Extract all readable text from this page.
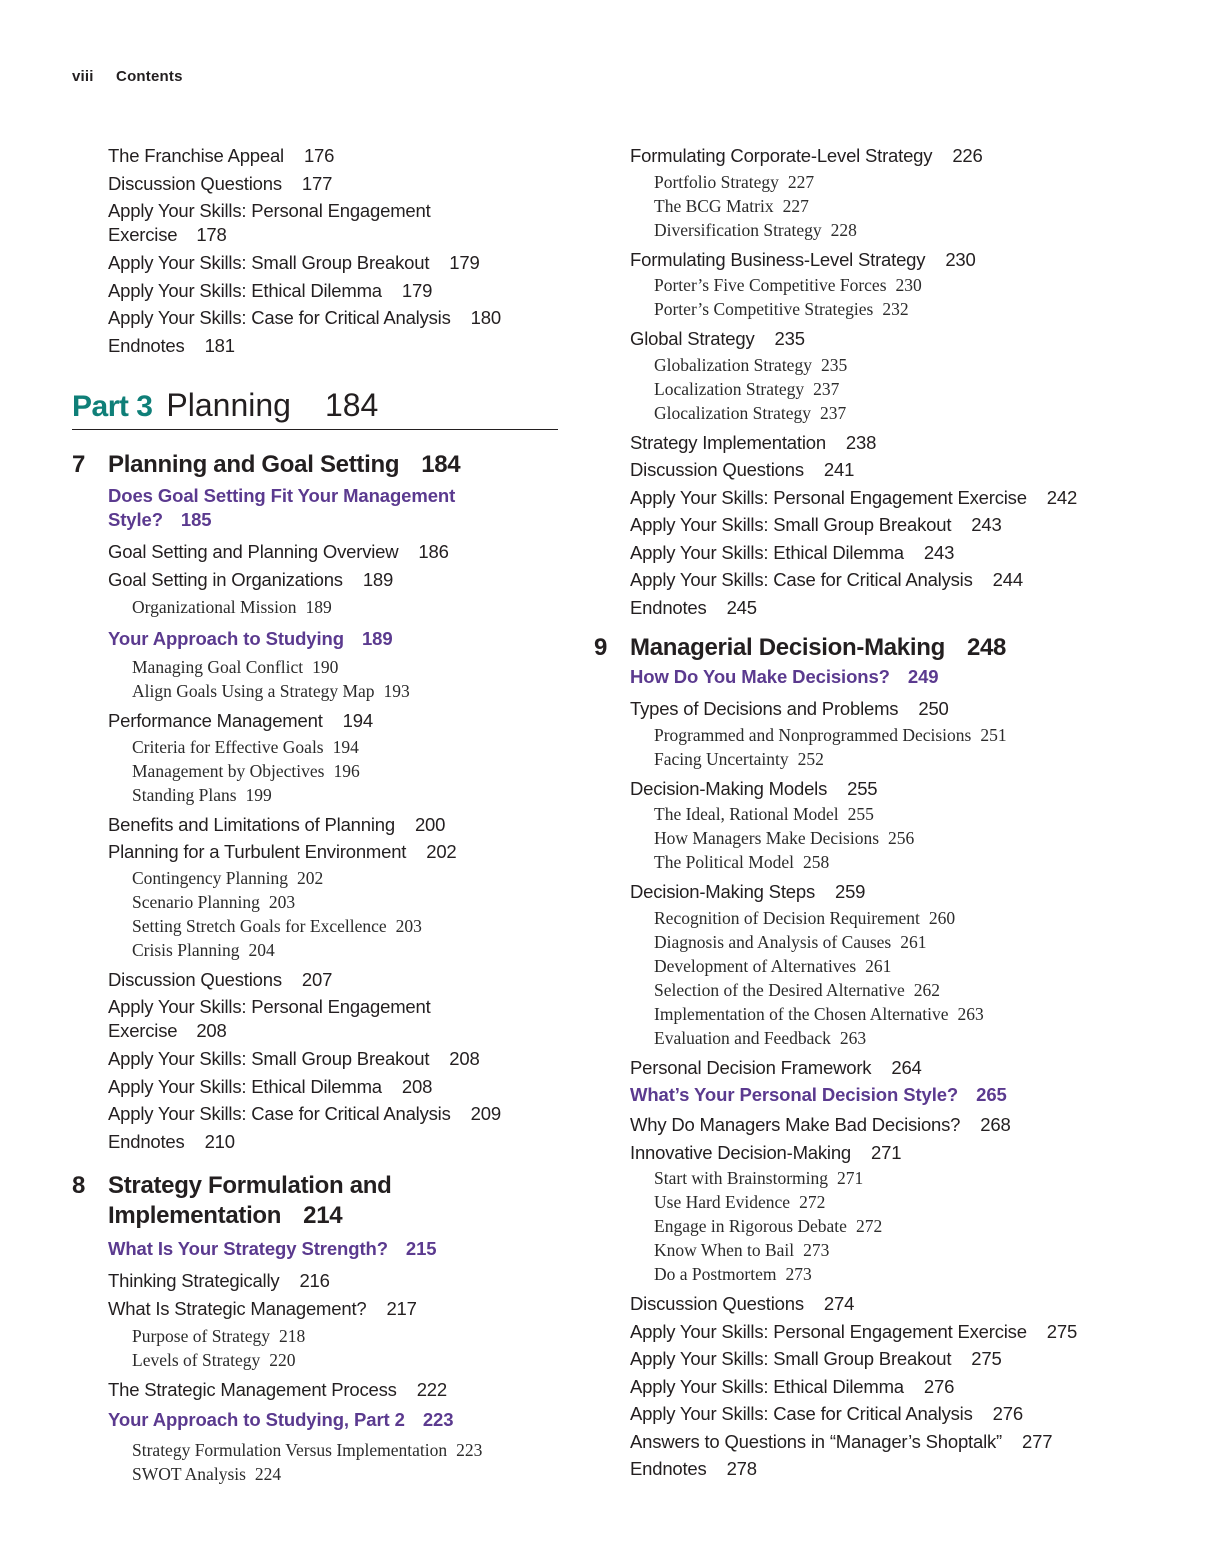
viii Contents
The Franchise Appeal 176
Discussion Questions 177
Apply Your Skills: Personal Engagement
Exercise 178
Apply Your Skills: Small Group Breakout 179
Apply Your Skills: Ethical Dilemma 179
Apply Your Skills: Case for Critical Analysis 180
Endnotes 181
Part 3 Planning 184
7 Planning and Goal Setting 184
Does Goal Setting Fit Your Management
Style? 185
Goal Setting and Planning Overview 186
Goal Setting in Organizations 189
Organizational Mission 189
Your Approach to Studying 189
Managing Goal Conflict 190
Align Goals Using a Strategy Map 193
Performance Management 194
Criteria for Effective Goals 194
Management by Objectives 196
Standing Plans 199
Benefits and Limitations of Planning 200
Planning for a Turbulent Environment 202
Contingency Planning 202
Scenario Planning 203
Setting Stretch Goals for Excellence 203
Crisis Planning 204
Discussion Questions 207
Apply Your Skills: Personal Engagement
Exercise 208
Apply Your Skills: Small Group Breakout 208
Apply Your Skills: Ethical Dilemma 208
Apply Your Skills: Case for Critical Analysis 209
Endnotes 210
8 Strategy Formulation and
Implementation 214
What Is Your Strategy Strength? 215
Thinking Strategically 216
What Is Strategic Management? 217
Purpose of Strategy 218
Levels of Strategy 220
The Strategic Management Process 222
Your Approach to Studying, Part 2 223
Strategy Formulation Versus Implementation 223
SWOT Analysis 224
Formulating Corporate-Level Strategy 226
Portfolio Strategy 227
The BCG Matrix 227
Diversification Strategy 228
Formulating Business-Level Strategy 230
Porter’s Five Competitive Forces 230
Porter’s Competitive Strategies 232
Global Strategy 235
Globalization Strategy 235
Localization Strategy 237
Glocalization Strategy 237
Strategy Implementation 238
Discussion Questions 241
Apply Your Skills: Personal Engagement Exercise 242
Apply Your Skills: Small Group Breakout 243
Apply Your Skills: Ethical Dilemma 243
Apply Your Skills: Case for Critical Analysis 244
Endnotes 245
9 Managerial Decision-Making 248
How Do You Make Decisions? 249
Types of Decisions and Problems 250
Programmed and Nonprogrammed Decisions 251
Facing Uncertainty 252
Decision-Making Models 255
The Ideal, Rational Model 255
How Managers Make Decisions 256
The Political Model 258
Decision-Making Steps 259
Recognition of Decision Requirement 260
Diagnosis and Analysis of Causes 261
Development of Alternatives 261
Selection of the Desired Alternative 262
Implementation of the Chosen Alternative 263
Evaluation and Feedback 263
Personal Decision Framework 264
What’s Your Personal Decision Style? 265
Why Do Managers Make Bad Decisions? 268
Innovative Decision-Making 271
Start with Brainstorming 271
Use Hard Evidence 272
Engage in Rigorous Debate 272
Know When to Bail 273
Do a Postmortem 273
Discussion Questions 274
Apply Your Skills: Personal Engagement Exercise 275
Apply Your Skills: Small Group Breakout 275
Apply Your Skills: Ethical Dilemma 276
Apply Your Skills: Case for Critical Analysis 276
Answers to Questions in “Manager’s Shoptalk” 277
Endnotes 278
